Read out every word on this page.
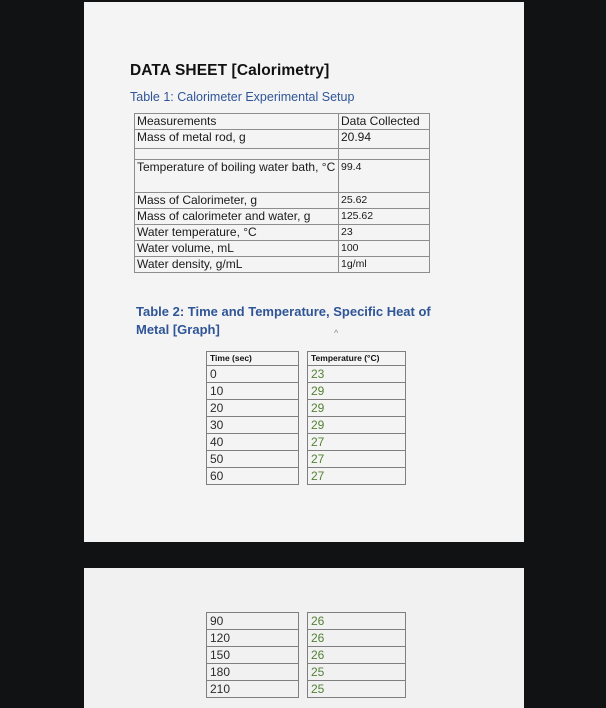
DATA SHEET [Calorimetry]
Table 1: Calorimeter Experimental Setup
Measurements	Data Collected
Mass of metal rod, g	20.94

Temperature of boiling water bath, °C	99.4
Mass of Calorimeter, g	25.62
Mass of calorimeter and water, g	125.62
Water temperature, °C	23
Water volume, mL	100
Water density, g/mL	1g/ml
Table 2: Time and Temperature, Specific Heat of Metal [Graph]	^
Time (sec)		Temperature (°C)
0		23
10		29
20		29
30		29
40		27
50		27
60		27
90		26
120		26
150		26
180		25
210		25
